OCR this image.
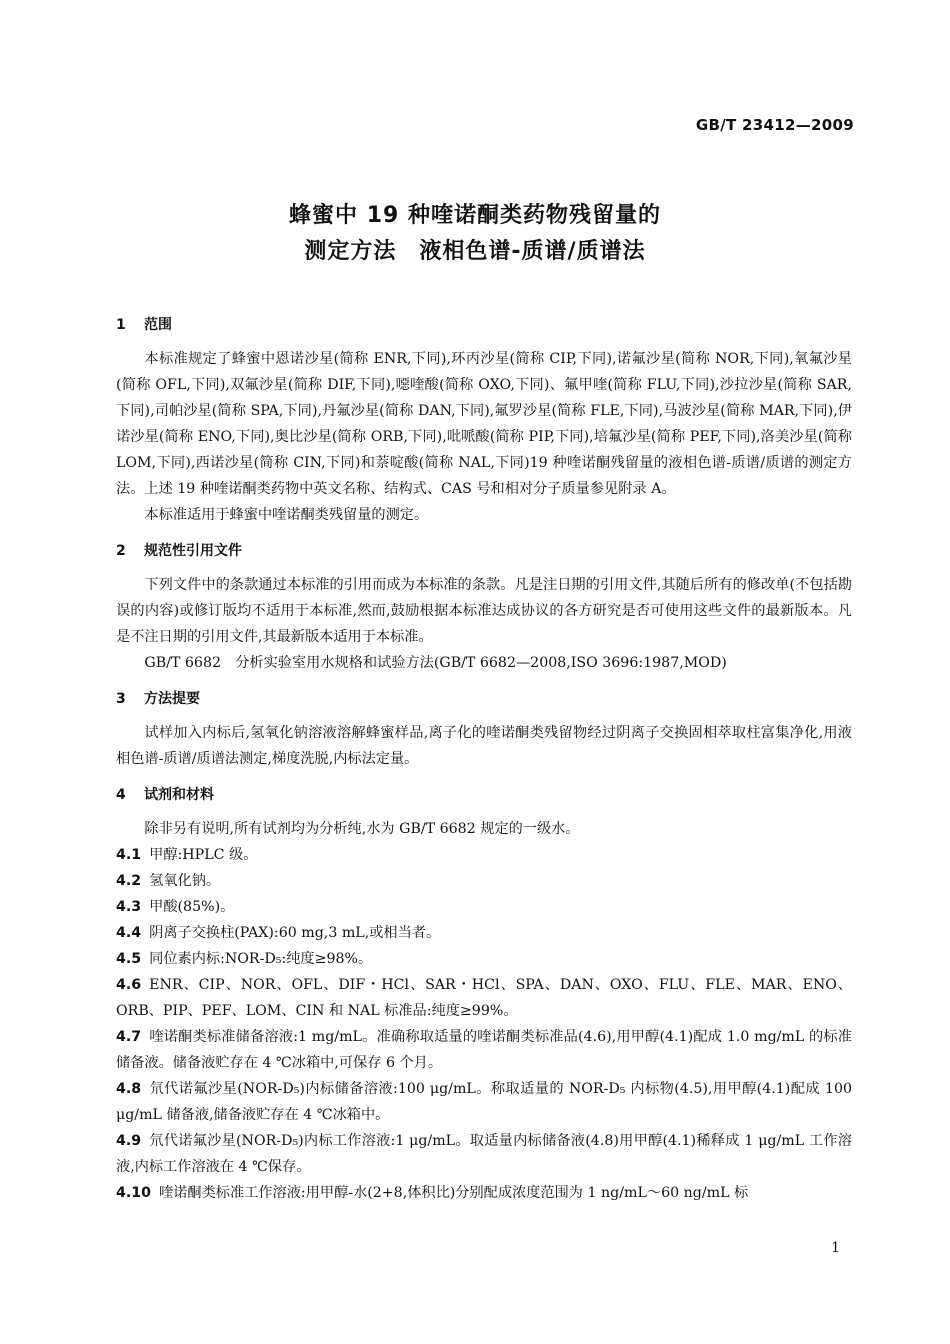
GB/T 23412—2009
蜂蜜中 19 种喹诺酮类药物残留量的
测定方法　液相色谱-质谱/质谱法
1 范围

本标准规定了蜂蜜中恩诺沙星(简称 ENR,下同),环丙沙星(简称 CIP,下同),诺氟沙星(简称 NOR,下同),氧氟沙星(简称 OFL,下同),双氟沙星(简称 DIF,下同),噁喹酸(简称 OXO,下同)、氟甲喹(简称 FLU,下同),沙拉沙星(简称 SAR,下同),司帕沙星(简称 SPA,下同),丹氟沙星(简称 DAN,下同),氟罗沙星(简称 FLE,下同),马波沙星(简称 MAR,下同),伊诺沙星(简称 ENO,下同),奥比沙星(简称 ORB,下同),吡哌酸(简称 PIP,下同),培氟沙星(简称 PEF,下同),洛美沙星(简称 LOM,下同),西诺沙星(简称 CIN,下同)和萘啶酸(简称 NAL,下同)19 种喹诺酮残留量的液相色谱-质谱/质谱的测定方法。上述 19 种喹诺酮类药物中英文名称、结构式、CAS 号和相对分子质量参见附录 A。

本标准适用于蜂蜜中喹诺酮类残留量的测定。

2 规范性引用文件

下列文件中的条款通过本标准的引用而成为本标准的条款。凡是注日期的引用文件,其随后所有的修改单(不包括勘误的内容)或修订版均不适用于本标准,然而,鼓励根据本标准达成协议的各方研究是否可使用这些文件的最新版本。凡是不注日期的引用文件,其最新版本适用于本标准。

GB/T 6682　分析实验室用水规格和试验方法(GB/T 6682—2008,ISO 3696:1987,MOD)

3 方法提要

试样加入内标后,氢氧化钠溶液溶解蜂蜜样品,离子化的喹诺酮类残留物经过阴离子交换固相萃取柱富集净化,用液相色谱-质谱/质谱法测定,梯度洗脱,内标法定量。

4 试剂和材料

除非另有说明,所有试剂均为分析纯,水为 GB/T 6682 规定的一级水。

4.1 甲醇:HPLC 级。

4.2 氢氧化钠。

4.3 甲酸(85%)。

4.4 阴离子交换柱(PAX):60 mg,3 mL,或相当者。

4.5 同位素内标:NOR-D₅:纯度≥98%。

4.6 ENR、CIP、NOR、OFL、DIF・HCl、SAR・HCl、SPA、DAN、OXO、FLU、FLE、MAR、ENO、ORB、PIP、PEF、LOM、CIN 和 NAL 标准品:纯度≥99%。

4.7 喹诺酮类标准储备溶液:1 mg/mL。准确称取适量的喹诺酮类标准品(4.6),用甲醇(4.1)配成 1.0 mg/mL 的标准储备液。储备液贮存在 4 ℃冰箱中,可保存 6 个月。

4.8 氘代诺氟沙星(NOR-D₅)内标储备溶液:100 μg/mL。称取适量的 NOR-D₅ 内标物(4.5),用甲醇(4.1)配成 100 μg/mL 储备液,储备液贮存在 4 ℃冰箱中。

4.9 氘代诺氟沙星(NOR-D₅)内标工作溶液:1 μg/mL。取适量内标储备液(4.8)用甲醇(4.1)稀释成 1 μg/mL 工作溶液,内标工作溶液在 4 ℃保存。

4.10 喹诺酮类标准工作溶液:用甲醇-水(2+8,体积比)分别配成浓度范围为 1 ng/mL～60 ng/mL 标

1
